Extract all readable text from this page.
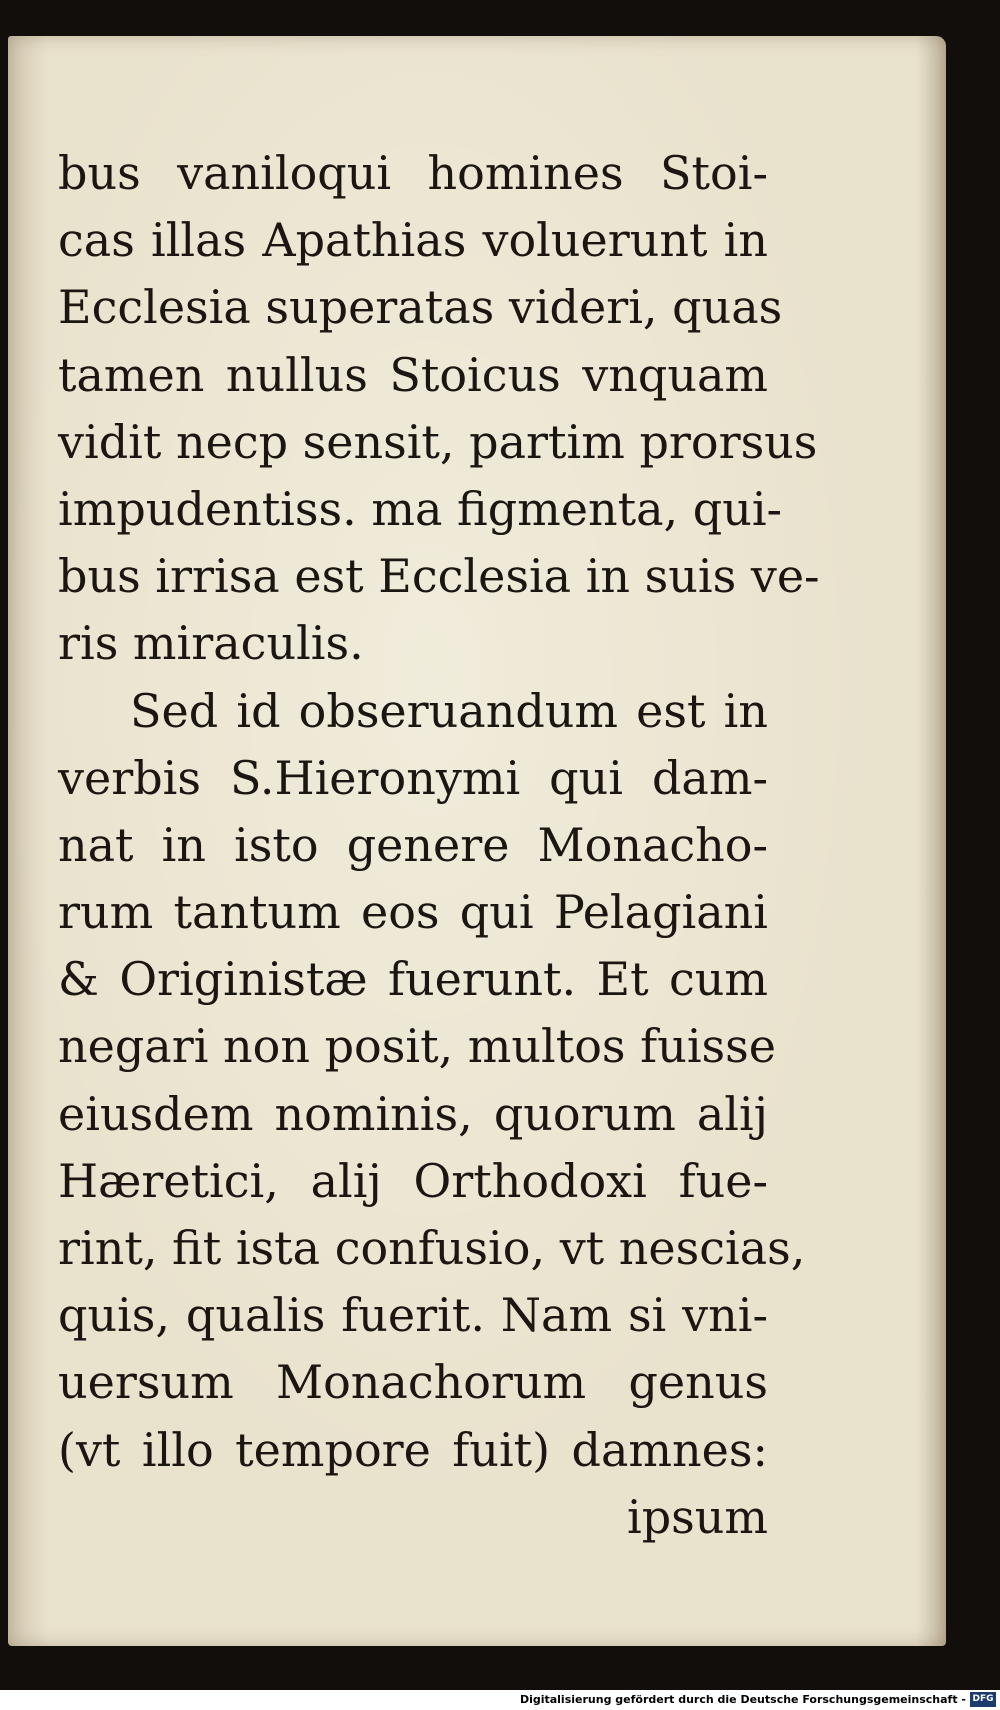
bus vaniloqui homines Stoi-
cas illas Apathias voluerunt in
Ecclesia superatas videri, quas
tamen nullus Stoicus vnquam
vidit necp sensit, partim prorsus
impudentiss. ma figmenta, qui-
bus irrisa est Ecclesia in suis ve-
ris miraculis.
Sed id obseruandum est in
verbis S.Hieronymi qui dam-
nat in isto genere Monacho-
rum tantum eos qui Pelagiani
& Originistæ fuerunt. Et cum
negari non posit, multos fuisse
eiusdem nominis, quorum alij
Hæretici, alij Orthodoxi fue-
rint, fit ista confusio, vt nescias,
quis, qualis fuerit. Nam si vni-
uersum Monachorum genus
(vt illo tempore fuit) damnes:
ipsum
Digitalisierung gefördert durch die Deutsche Forschungsgemeinschaft - DFG
